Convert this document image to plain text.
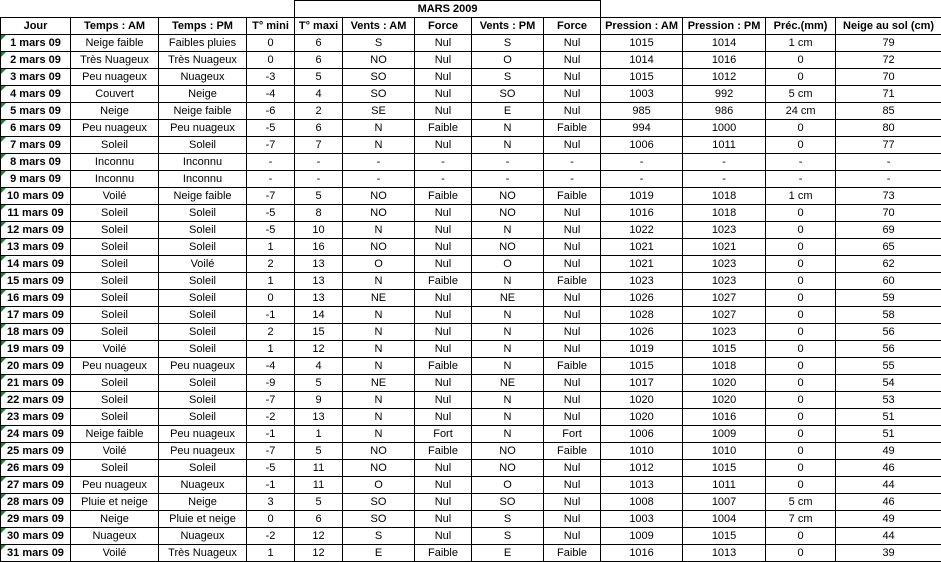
				MARS 2009								
Jour	Temps : AM	Temps : PM	T° mini	T° maxi	Vents : AM	Force	Vents : PM	Force	Pression : AM	Pression : PM	Préc.(mm)	Neige au sol (cm)
1 mars 09	Neige faible	Faibles pluies	0	6	S	Nul	S	Nul	1015	1014	1 cm	79
2 mars 09	Très Nuageux	Très Nuageux	0	6	NO	Nul	O	Nul	1014	1016	0	72
3 mars 09	Peu nuageux	Nuageux	-3	5	SO	Nul	S	Nul	1015	1012	0	70
4 mars 09	Couvert	Neige	-4	4	SO	Nul	SO	Nul	1003	992	5 cm	71
5 mars 09	Neige	Neige faible	-6	2	SE	Nul	E	Nul	985	986	24 cm	85
6 mars 09	Peu nuageux	Peu nuageux	-5	6	N	Faible	N	Faible	994	1000	0	80
7 mars 09	Soleil	Soleil	-7	7	N	Nul	N	Nul	1006	1011	0	77
8 mars 09	Inconnu	Inconnu	-	-	-	-	-	-	-	-	-	-
9 mars 09	Inconnu	Inconnu	-	-	-	-	-	-	-	-	-	-
10 mars 09	Voilé	Neige faible	-7	5	NO	Faible	NO	Faible	1019	1018	1 cm	73
11 mars 09	Soleil	Soleil	-5	8	NO	Nul	NO	Nul	1016	1018	0	70
12 mars 09	Soleil	Soleil	-5	10	N	Nul	N	Nul	1022	1023	0	69
13 mars 09	Soleil	Soleil	1	16	NO	Nul	NO	Nul	1021	1021	0	65
14 mars 09	Soleil	Voilé	2	13	O	Nul	O	Nul	1021	1023	0	62
15 mars 09	Soleil	Soleil	1	13	N	Faible	N	Faible	1023	1023	0	60
16 mars 09	Soleil	Soleil	0	13	NE	Nul	NE	Nul	1026	1027	0	59
17 mars 09	Soleil	Soleil	-1	14	N	Nul	N	Nul	1028	1027	0	58
18 mars 09	Soleil	Soleil	2	15	N	Nul	N	Nul	1026	1023	0	56
19 mars 09	Voilé	Soleil	1	12	N	Nul	N	Nul	1019	1015	0	56
20 mars 09	Peu nuageux	Peu nuageux	-4	4	N	Faible	N	Faible	1015	1018	0	55
21 mars 09	Soleil	Soleil	-9	5	NE	Nul	NE	Nul	1017	1020	0	54
22 mars 09	Soleil	Soleil	-7	9	N	Nul	N	Nul	1020	1020	0	53
23 mars 09	Soleil	Soleil	-2	13	N	Nul	N	Nul	1020	1016	0	51
24 mars 09	Neige faible	Peu nuageux	-1	1	N	Fort	N	Fort	1006	1009	0	51
25 mars 09	Voilé	Peu nuageux	-7	5	NO	Faible	NO	Faible	1010	1010	0	49
26 mars 09	Soleil	Soleil	-5	11	NO	Nul	NO	Nul	1012	1015	0	46
27 mars 09	Peu nuageux	Nuageux	-1	11	O	Nul	O	Nul	1013	1011	0	44
28 mars 09	Pluie et neige	Neige	3	5	SO	Nul	SO	Nul	1008	1007	5 cm	46
29 mars 09	Neige	Pluie et neige	0	6	SO	Nul	S	Nul	1003	1004	7 cm	49
30 mars 09	Nuageux	Nuageux	-2	12	S	Nul	S	Nul	1009	1015	0	44
31 mars 09	Voilé	Très Nuageux	1	12	E	Faible	E	Faible	1016	1013	0	39
